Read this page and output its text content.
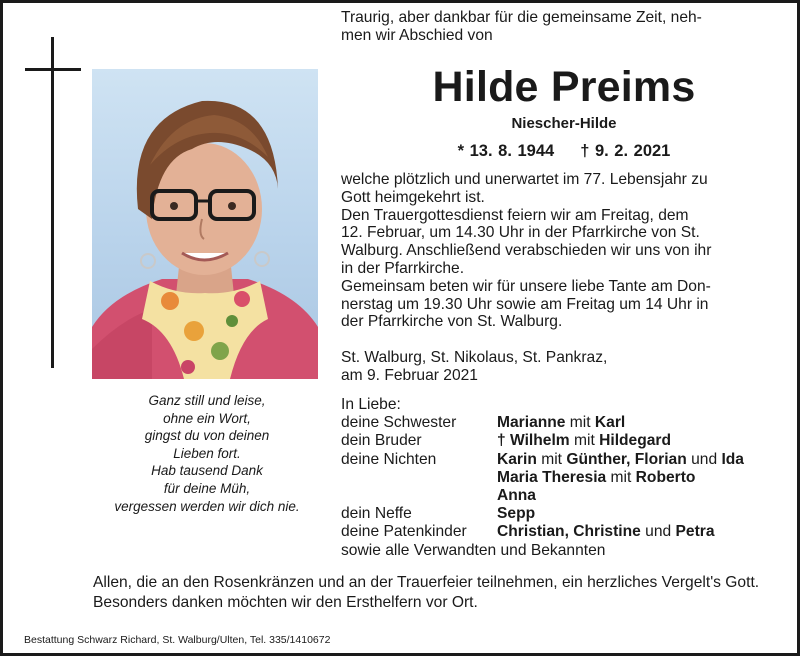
Ganz still und leise,
ohne ein Wort,
gingst du von deinen
Lieben fort.
Hab tausend Dank
für deine Müh,
vergessen werden wir dich nie.
Traurig, aber dankbar für die gemeinsame Zeit, neh-
men wir Abschied von
Hilde Preims
Niescher-Hilde
* 13. 8. 1944 † 9. 2. 2021
welche plötzlich und unerwartet im 77. Lebensjahr zu
Gott heimgekehrt ist.
Den Trauergottesdienst feiern wir am Freitag, dem
12. Februar, um 14.30 Uhr in der Pfarrkirche von St.
Walburg. Anschließend verabschieden wir uns von ihr
in der Pfarrkirche.
Gemeinsam beten wir für unsere liebe Tante am Don-
nerstag um 19.30 Uhr sowie am Freitag um 14 Uhr in
der Pfarrkirche von St. Walburg.
St. Walburg, St. Nikolaus, St. Pankraz,
am 9. Februar 2021
In Liebe:
deine Schwester	Marianne mit Karl
dein Bruder	† Wilhelm mit Hildegard
deine Nichten	Karin mit Günther, Florian und Ida
Maria Theresia mit Roberto
Anna
dein Neffe	Sepp
deine Patenkinder	Christian, Christine und Petra
sowie alle Verwandten und Bekannten

Allen, die an den Rosenkränzen und an der Trauerfeier teilnehmen, ein herzliches Vergelt's Gott.

Besonders danken möchten wir den Ersthelfern vor Ort.

Bestattung Schwarz Richard, St. Walburg/Ulten, Tel. 335/1410672
